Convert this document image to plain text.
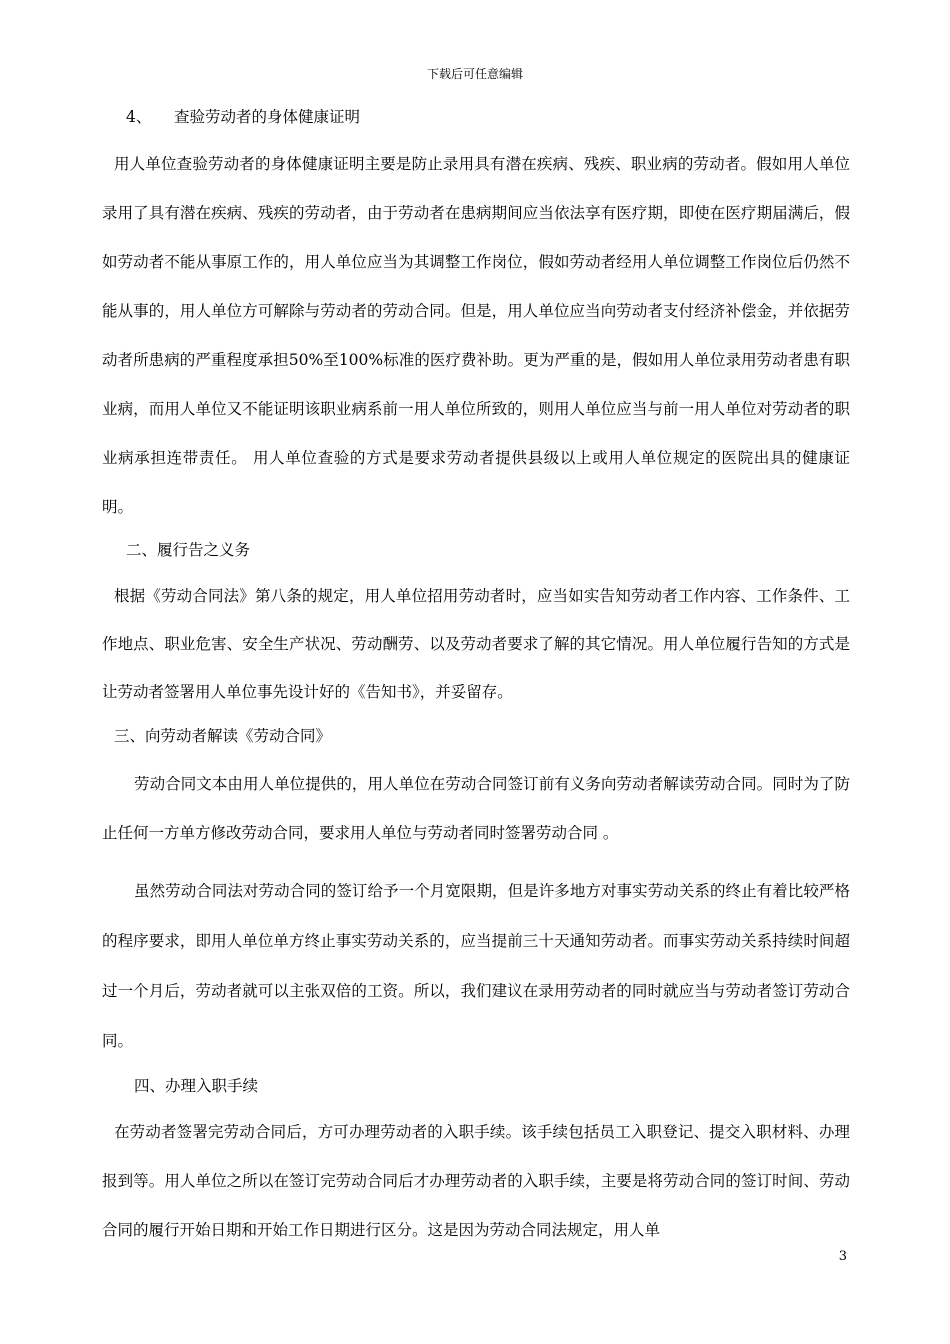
下载后可任意编辑

4、 查验劳动者的身体健康证明

用人单位查验劳动者的身体健康证明主要是防止录用具有潜在疾病、残疾、职业病的劳动者。假如用人单位录用了具有潜在疾病、残疾的劳动者，由于劳动者在患病期间应当依法享有医疗期，即使在医疗期届满后，假如劳动者不能从事原工作的，用人单位应当为其调整工作岗位，假如劳动者经用人单位调整工作岗位后仍然不能从事的，用人单位方可解除与劳动者的劳动合同。但是，用人单位应当向劳动者支付经济补偿金，并依据劳动者所患病的严重程度承担50%至100%标准的医疗费补助。更为严重的是，假如用人单位录用劳动者患有职业病，而用人单位又不能证明该职业病系前一用人单位所致的，则用人单位应当与前一用人单位对劳动者的职业病承担连带责任。 用人单位查验的方式是要求劳动者提供县级以上或用人单位规定的医院出具的健康证明。

二、履行告之义务

根据《劳动合同法》第八条的规定，用人单位招用劳动者时，应当如实告知劳动者工作内容、工作条件、工作地点、职业危害、安全生产状况、劳动酬劳、以及劳动者要求了解的其它情况。用人单位履行告知的方式是让劳动者签署用人单位事先设计好的《告知书》，并妥留存。

三、向劳动者解读《劳动合同》

劳动合同文本由用人单位提供的，用人单位在劳动合同签订前有义务向劳动者解读劳动合同。同时为了防止任何一方单方修改劳动合同，要求用人单位与劳动者同时签署劳动合同 。

虽然劳动合同法对劳动合同的签订给予一个月宽限期，但是许多地方对事实劳动关系的终止有着比较严格的程序要求，即用人单位单方终止事实劳动关系的，应当提前三十天通知劳动者。而事实劳动关系持续时间超过一个月后，劳动者就可以主张双倍的工资。所以，我们建议在录用劳动者的同时就应当与劳动者签订劳动合同。

四、办理入职手续

在劳动者签署完劳动合同后，方可办理劳动者的入职手续。该手续包括员工入职登记、提交入职材料、办理报到等。用人单位之所以在签订完劳动合同后才办理劳动者的入职手续，主要是将劳动合同的签订时间、劳动合同的履行开始日期和开始工作日期进行区分。这是因为劳动合同法规定，用人单

3
